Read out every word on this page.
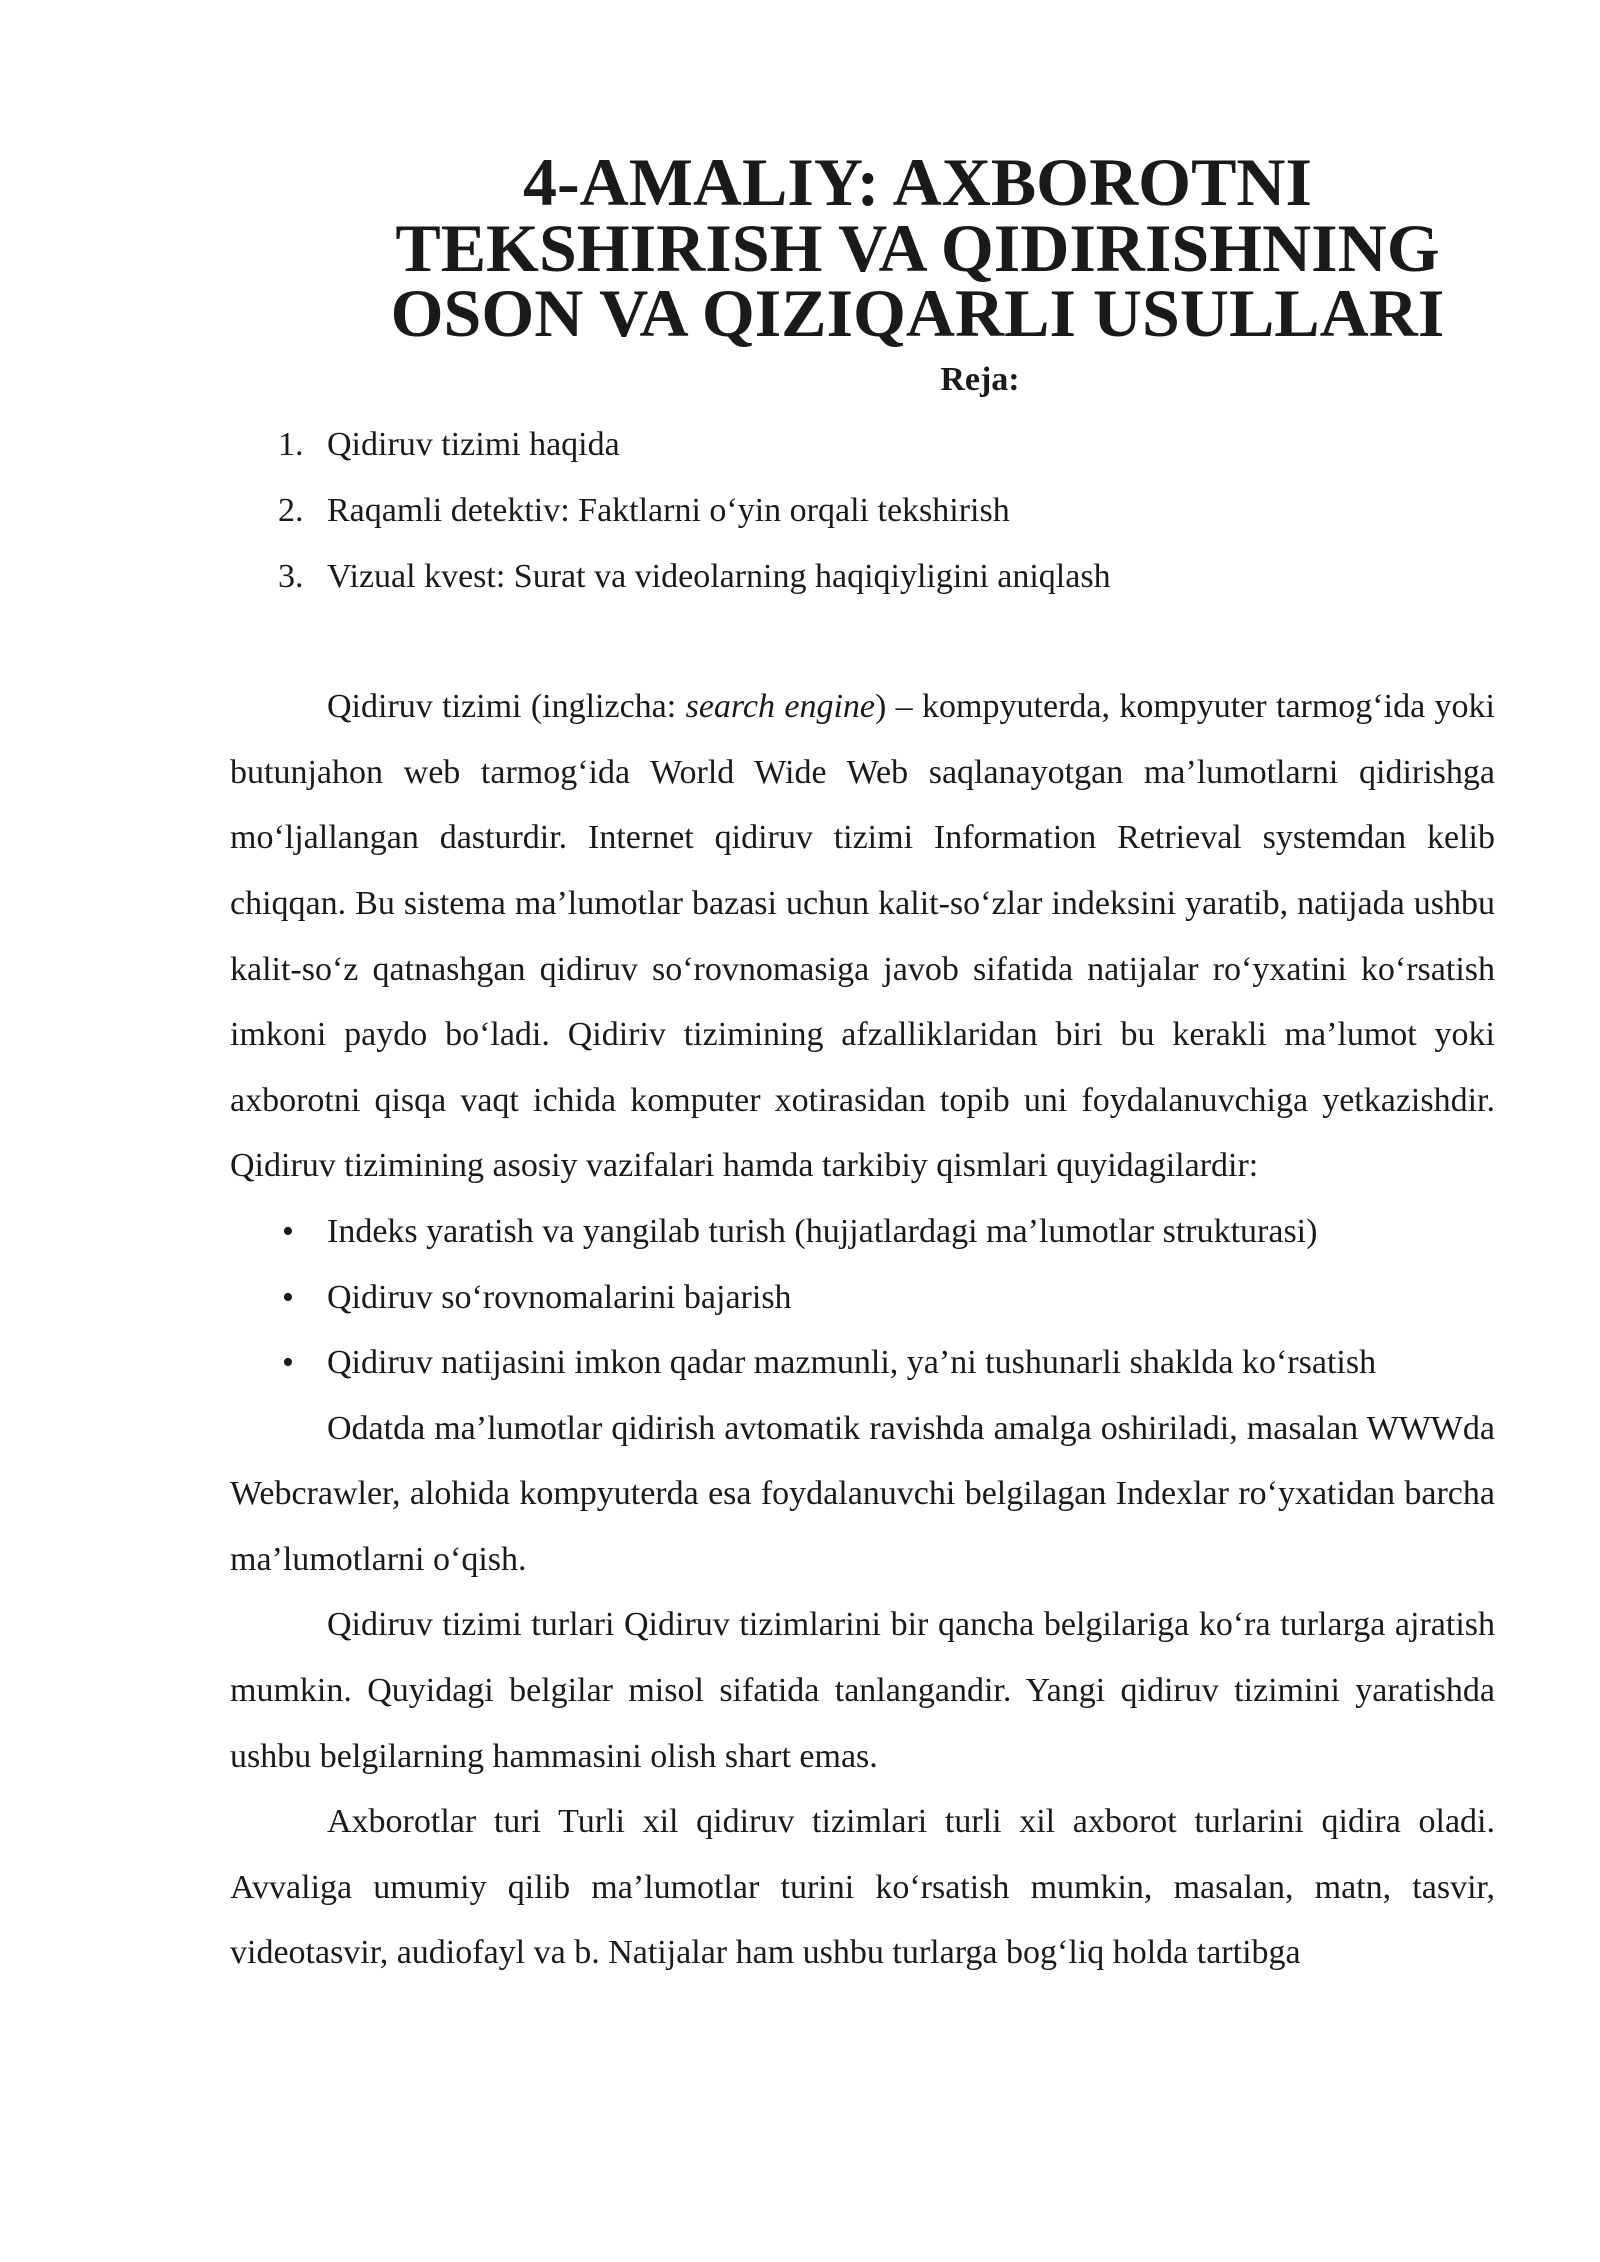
4-AMALIY: AXBOROTNI TEKSHIRISH VA QIDIRISHNING OSON VA QIZIQARLI USULLARI
Reja:
1. Qidiruv tizimi haqida
2. Raqamli detektiv: Faktlarni o‘yin orqali tekshirish
3. Vizual kvest: Surat va videolarning haqiqiyligini aniqlash

Qidiruv tizimi (inglizcha: search engine) – kompyuterda, kompyuter tarmog‘ida yoki butunjahon web tarmog‘ida World Wide Web saqlanayotgan ma’lumotlarni qidirishga mo‘ljallangan dasturdir. Internet qidiruv tizimi Information Retrieval systemdan kelib chiqqan. Bu sistema ma’lumotlar bazasi uchun kalit-so‘zlar indeksini yaratib, natijada ushbu kalit-so‘z qatnashgan qidiruv so‘rovnomasiga javob sifatida natijalar ro‘yxatini ko‘rsatish imkoni paydo bo‘ladi. Qidiriv tizimining afzalliklaridan biri bu kerakli ma’lumot yoki axborotni qisqa vaqt ichida komputer xotirasidan topib uni foydalanuvchiga yetkazishdir. Qidiruv tizimining asosiy vazifalari hamda tarkibiy qismlari quyidagilardir:

• Indeks yaratish va yangilab turish (hujjatlardagi ma’lumotlar strukturasi)
• Qidiruv so‘rovnomalarini bajarish
• Qidiruv natijasini imkon qadar mazmunli, ya’ni tushunarli shaklda ko‘rsatish

Odatda ma’lumotlar qidirish avtomatik ravishda amalga oshiriladi, masalan WWWda Webcrawler, alohida kompyuterda esa foydalanuvchi belgilagan Indexlar ro‘yxatidan barcha ma’lumotlarni o‘qish.

Qidiruv tizimi turlari Qidiruv tizimlarini bir qancha belgilariga ko‘ra turlarga ajratish mumkin. Quyidagi belgilar misol sifatida tanlangandir. Yangi qidiruv tizimini yaratishda ushbu belgilarning hammasini olish shart emas.

Axborotlar turi Turli xil qidiruv tizimlari turli xil axborot turlarini qidira oladi. Avvaliga umumiy qilib ma’lumotlar turini ko‘rsatish mumkin, masalan, matn, tasvir, videotasvir, audiofayl va b. Natijalar ham ushbu turlarga bog‘liq holda tartibga
